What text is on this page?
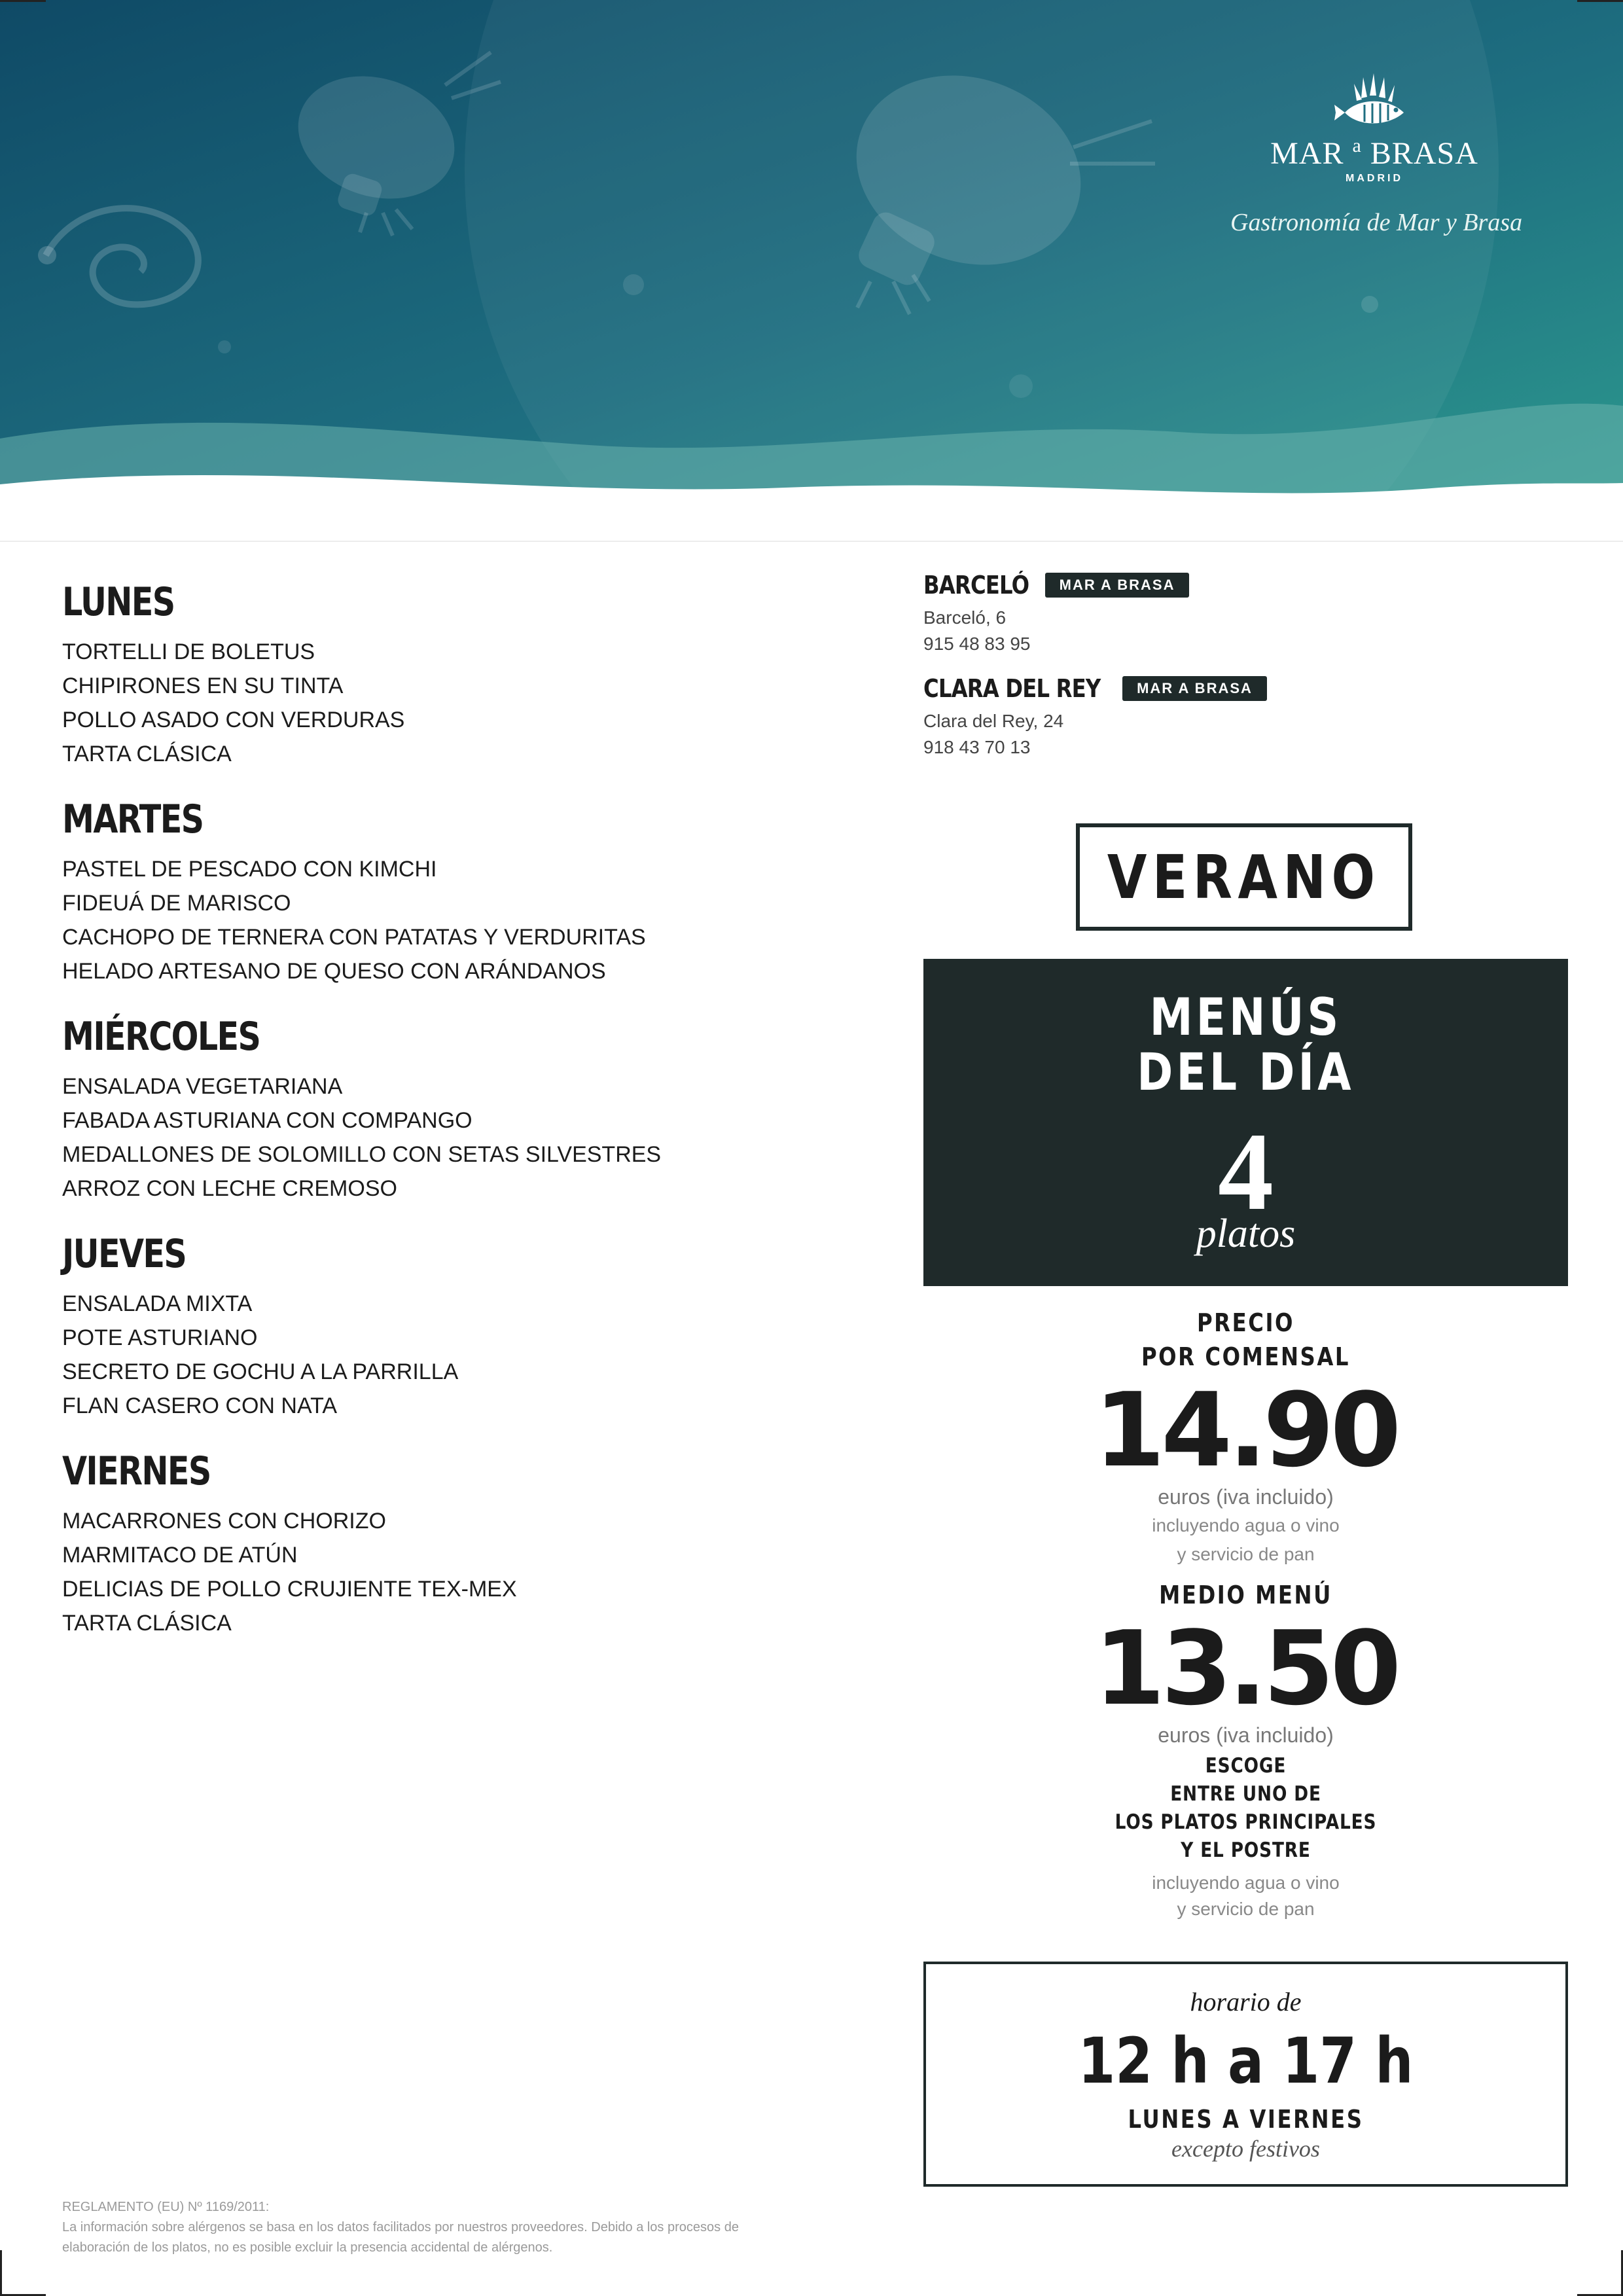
MAR $^a$ BRASA
MADRID
Gastronomía de Mar y Brasa
LUNES
TORTELLI DE BOLETUS
CHIPIRONES EN SU TINTA
POLLO ASADO CON VERDURAS
TARTA CLÁSICA
MARTES
PASTEL DE PESCADO CON KIMCHI
FIDEUÁ DE MARISCO
CACHOPO DE TERNERA CON PATATAS Y VERDURITAS
HELADO ARTESANO DE QUESO CON ARÁNDANOS
MIÉRCOLES
ENSALADA VEGETARIANA
FABADA ASTURIANA CON COMPANGO
MEDALLONES DE SOLOMILLO CON SETAS SILVESTRES
ARROZ CON LECHE CREMOSO
JUEVES
ENSALADA MIXTA
POTE ASTURIANO
SECRETO DE GOCHU A LA PARRILLA
FLAN CASERO CON NATA
VIERNES
MACARRONES CON CHORIZO
MARMITACO DE ATÚN
DELICIAS DE POLLO CRUJIENTE TEX-MEX
TARTA CLÁSICA
BARCELÓ	MAR A BRASA
Barceló, 6
915 48 83 95
CLARA DEL REY	MAR A BRASA
Clara del Rey, 24
918 43 70 13
VERANO
MENÚS
DEL DÍA
4
platos
PRECIO
POR COMENSAL
14.90
euros (iva incluido)
incluyendo agua o vino
y servicio de pan
MEDIO MENÚ
13.50
euros (iva incluido)
ESCOGE
ENTRE UNO DE
LOS PLATOS PRINCIPALES
Y EL POSTRE
incluyendo agua o vino
y servicio de pan
horario de
12 h a 17 h
LUNES A VIERNES
excepto festivos
REGLAMENTO (EU) Nº 1169/2011:
La información sobre alérgenos se basa en los datos facilitados por nuestros proveedores. Debido a los procesos de
elaboración de los platos, no es posible excluir la presencia accidental de alérgenos.
